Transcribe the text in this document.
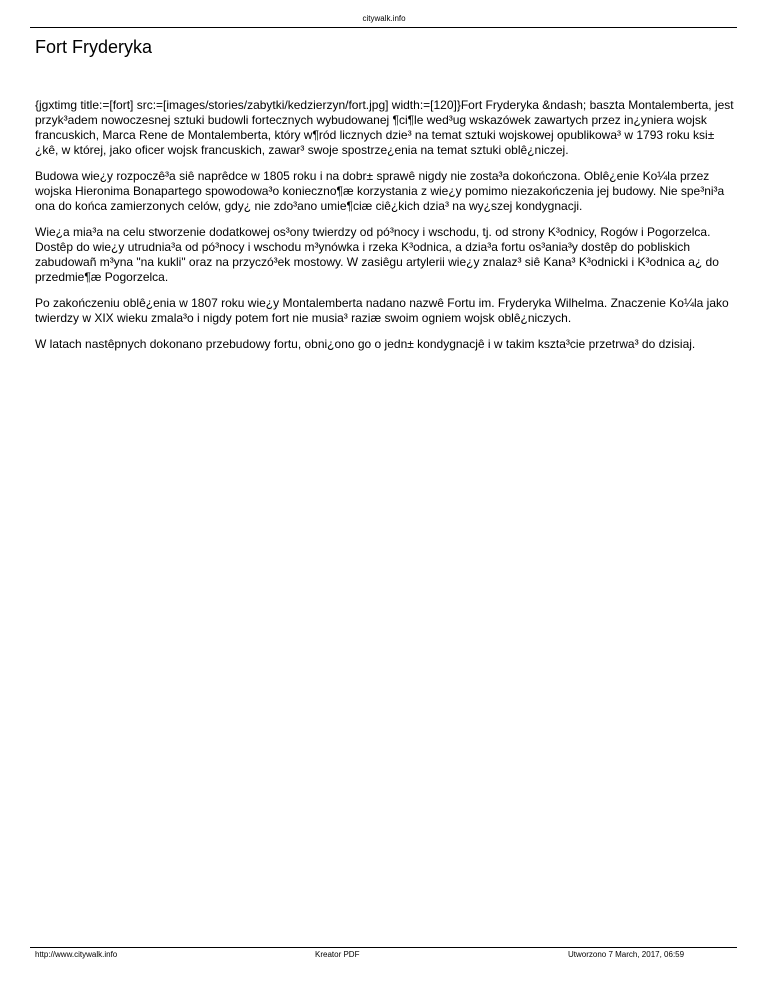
citywalk.info
Fort Fryderyka

{jgxtimg title:=[fort] src:=[images/stories/zabytki/kedzierzyn/fort.jpg] width:=[120]}Fort Fryderyka &ndash; baszta Montalemberta, jest przyk³adem nowoczesnej sztuki budowli fortecznych wybudowanej ¶ci¶le wed³ug wskazówek zawartych przez in¿ynierа wojsk francuskich, Marca Rene de Montalemberta, który w¶ród licznych dzie³ na temat sztuki wojskowej opublikowa³ w 1793 roku ksi±¿kê, w której, jako oficer wojsk francuskich, zawar³ swoje spostrze¿enia na temat sztuki oblê¿niczej.

Budowa wie¿y rozpoczê³a siê naprêdce w 1805 roku i na dobr± sprawê nigdy nie zosta³a dokończona. Oblê¿enie Ko¼la przez wojska Hieronima Bonapartego spowodowa³o konieczno¶æ korzystania z wie¿y pomimo niezakończenia jej budowy. Nie spe³ni³a ona do końca zamierzonych celów, gdy¿ nie zdo³ano umie¶ciæ ciê¿kich dzia³ na wy¿szej kondygnacji.

Wie¿a mia³a na celu stworzenie dodatkowej os³ony twierdzy od pó³nocy i wschodu, tj. od strony K³odnicy, Rogów i Pogorzelca. Dostêp do wie¿y utrudnia³a od pó³nocy i wschodu m³ynówka i rzeka K³odnica, a dzia³a fortu os³ania³y dostêp do pobliskich zabudowañ m³yna "na kukli" oraz na przyczó³ek mostowy. W zasiêgu artylerii wie¿y znalaz³ siê Kana³ K³odnicki i K³odnica a¿ do przedmie¶æ Pogorzelca.

Po zakończeniu oblê¿enia w 1807 roku wie¿y Montalemberta nadano nazwê Fortu im. Fryderyka Wilhelma. Znaczenie Ko¼la jako twierdzy w XIX wieku zmala³o i nigdy potem fort nie musia³ raziæ swoim ogniem wojsk oblê¿niczych.

W latach nastêpnych dokonano przebudowy fortu, obni¿ono go o jedn± kondygnacjê i w takim kszta³cie przetrwa³ do dzisiaj.

http://www.citywalk.info	Kreator PDF	Utworzono 7 March, 2017, 06:59
